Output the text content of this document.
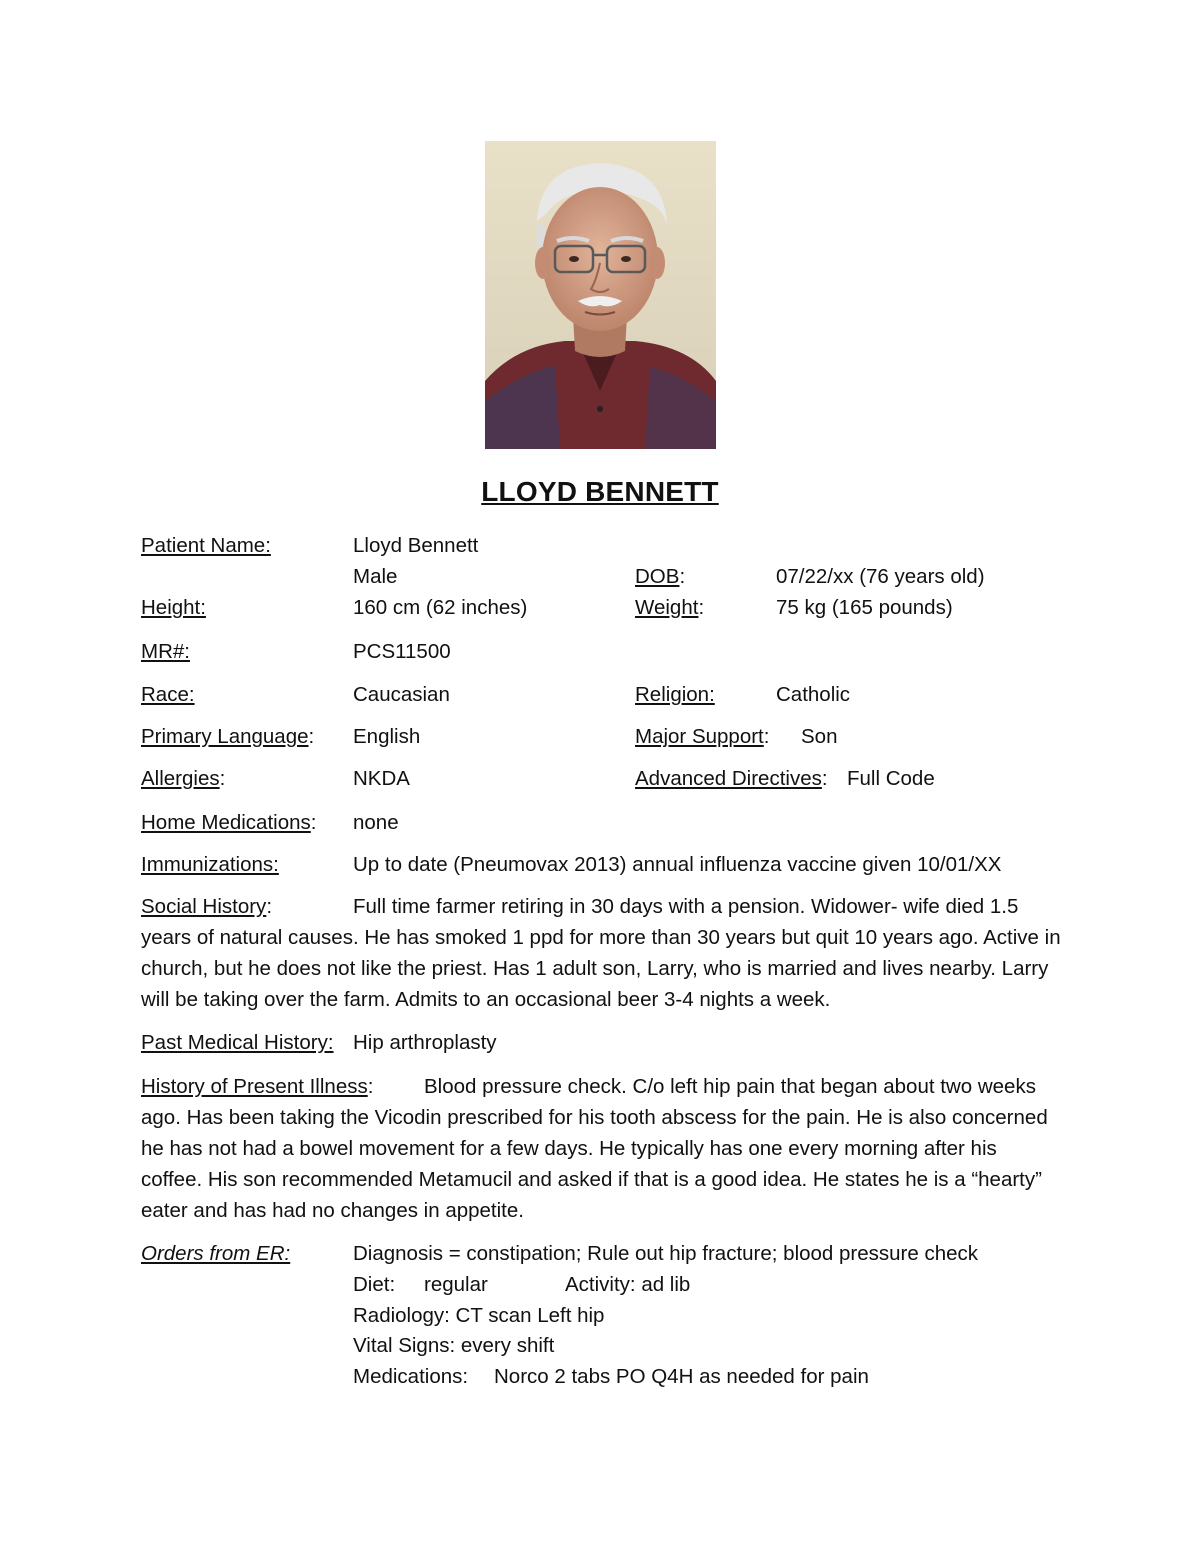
LLOYD BENNETT
Patient Name:	Lloyd Bennett
Male	DOB:	07/22/xx (76 years old)
Height:	160 cm (62 inches)	Weight:	75 kg (165 pounds)
MR#:	PCS11500
Race:	Caucasian	Religion:	Catholic
Primary Language: English	Major Support: Son
Allergies:	NKDA	Advanced Directives: Full Code
Home Medications: none
Immunizations:	Up to date (Pneumovax 2013) annual influenza vaccine given 10/01/XX
Social History:	Full time farmer retiring in 30 days with a pension. Widower- wife died 1.5 years of natural causes. He has smoked 1 ppd for more than 30 years but quit 10 years ago. Active in church, but he does not like the priest. Has 1 adult son, Larry, who is married and lives nearby. Larry will be taking over the farm. Admits to an occasional beer 3-4 nights a week.
Past Medical History: Hip arthroplasty
History of Present Illness: Blood pressure check. C/o left hip pain that began about two weeks ago. Has been taking the Vicodin prescribed for his tooth abscess for the pain. He is also concerned he has not had a bowel movement for a few days. He typically has one every morning after his coffee. His son recommended Metamucil and asked if that is a good idea. He states he is a “hearty” eater and has had no changes in appetite.
Orders from ER:	Diagnosis = constipation; Rule out hip fracture; blood pressure check
Diet: regular	Activity: ad lib
Radiology: CT scan Left hip
Vital Signs: every shift
Medications: Norco 2 tabs PO Q4H as needed for pain
